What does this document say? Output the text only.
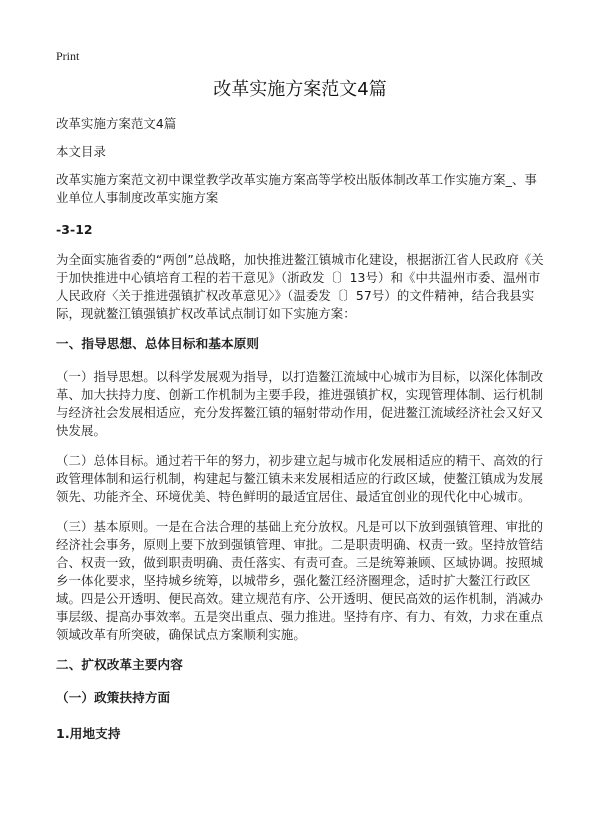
Print
改革实施方案范文4篇

改革实施方案范文4篇

本文目录

改革实施方案范文初中课堂教学改革实施方案高等学校出版体制改革工作实施方案_、事业单位人事制度改革实施方案

-3-12

为全面实施省委的“两创”总战略，加快推进鳌江镇城市化建设，根据浙江省人民政府《关于加快推进中心镇培育工程的若干意见》（浙政发〔〕13号）和《中共温州市委、温州市人民政府〈关于推进强镇扩权改革意见〉》（温委发〔〕57号）的文件精神，结合我县实际，现就鳌江镇强镇扩权改革试点制订如下实施方案：

一、指导思想、总体目标和基本原则

（一）指导思想。以科学发展观为指导，以打造鳌江流域中心城市为目标，以深化体制改革、加大扶持力度、创新工作机制为主要手段，推进强镇扩权，实现管理体制、运行机制与经济社会发展相适应，充分发挥鳌江镇的辐射带动作用，促进鳌江流域经济社会又好又快发展。

（二）总体目标。通过若干年的努力，初步建立起与城市化发展相适应的精干、高效的行政管理体制和运行机制，构建起与鳌江镇未来发展相适应的行政区域，使鳌江镇成为发展领先、功能齐全、环境优美、特色鲜明的最适宜居住、最适宜创业的现代化中心城市。

（三）基本原则。一是在合法合理的基础上充分放权。凡是可以下放到强镇管理、审批的经济社会事务，原则上要下放到强镇管理、审批。二是职责明确、权责一致。坚持放管结合、权责一致，做到职责明确、责任落实、有责可查。三是统筹兼顾、区域协调。按照城乡一体化要求，坚持城乡统筹，以城带乡，强化鳌江经济圈理念，适时扩大鳌江行政区域。四是公开透明、便民高效。建立规范有序、公开透明、便民高效的运作机制，消减办事层级、提高办事效率。五是突出重点、强力推进。坚持有序、有力、有效，力求在重点领域改革有所突破，确保试点方案顺利实施。

二、扩权改革主要内容

（一）政策扶持方面

1.用地支持
